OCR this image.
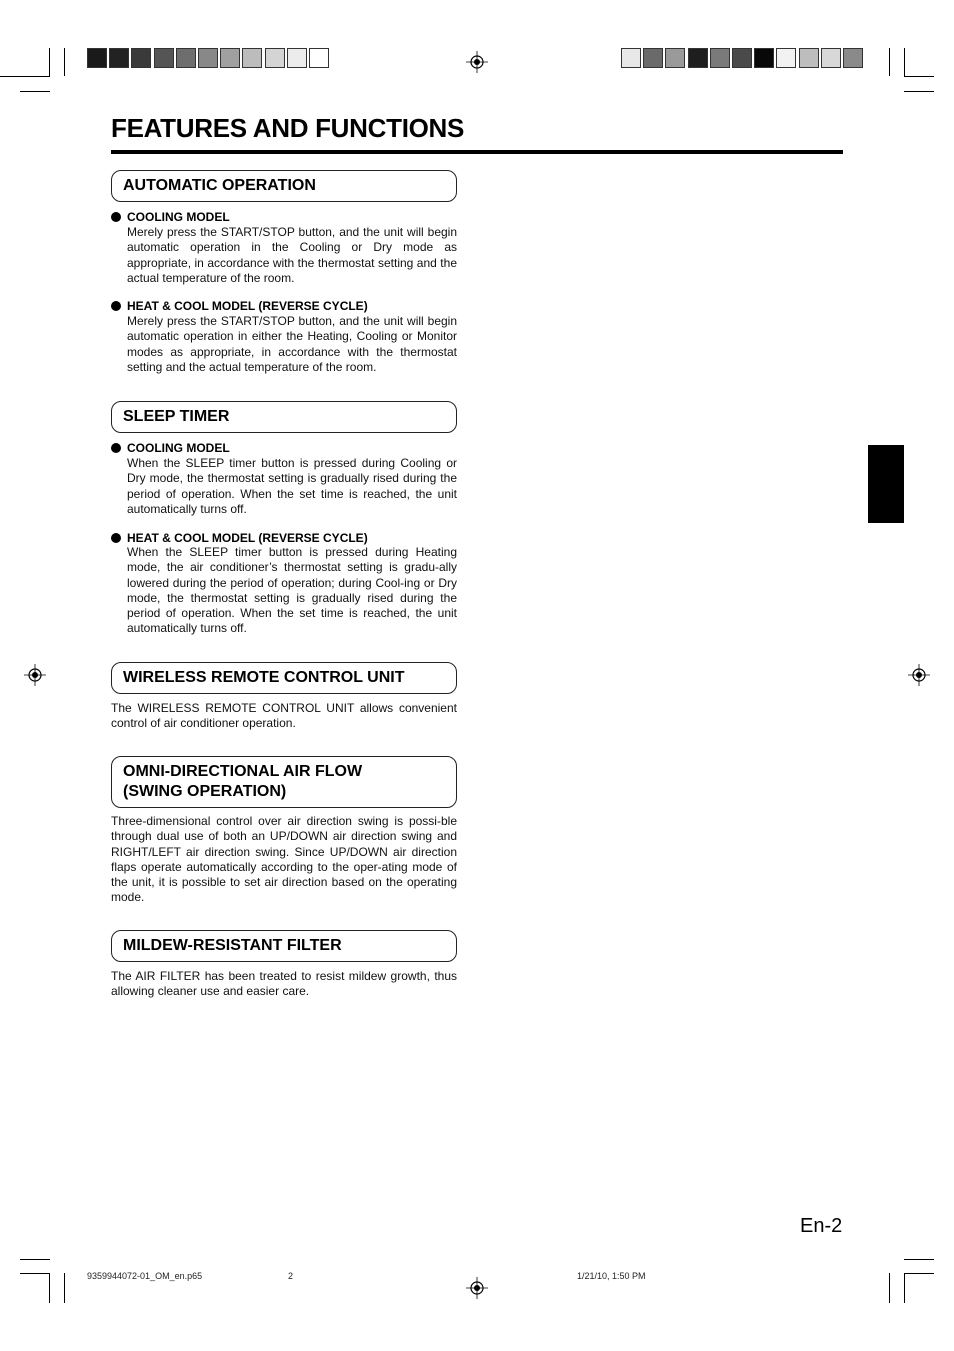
FEATURES AND FUNCTIONS
AUTOMATIC OPERATION
COOLING MODEL
Merely press the START/STOP button, and the unit will begin automatic operation in the Cooling or Dry mode as appropriate, in accordance with the thermostat setting and the actual temperature of the room.
HEAT & COOL MODEL (REVERSE CYCLE)
Merely press the START/STOP button, and the unit will begin automatic operation in either the Heating, Cooling or Monitor modes as appropriate, in accordance with the thermostat setting and the actual temperature of the room.
SLEEP TIMER
COOLING MODEL
When the SLEEP timer button is pressed during Cooling or Dry mode, the thermostat setting is gradually rised during the period of operation. When the set time is reached, the unit automatically turns off.
HEAT & COOL MODEL (REVERSE CYCLE)
When the SLEEP timer button is pressed during Heating mode, the air conditioner’s thermostat setting is gradu-ally lowered during the period of operation; during Cool-ing or Dry mode, the thermostat setting is gradually rised during the period of operation. When the set time is reached, the unit automatically turns off.
WIRELESS REMOTE CONTROL UNIT
The WIRELESS REMOTE CONTROL UNIT allows convenient control of air conditioner operation.
OMNI-DIRECTIONAL AIR FLOW
(SWING OPERATION)
Three-dimensional control over air direction swing is possi-ble through dual use of both an UP/DOWN air direction swing and RIGHT/LEFT air direction swing. Since UP/DOWN air direction flaps operate automatically according to the oper-ating mode of the unit, it is possible to set air direction based on the operating mode.
MILDEW-RESISTANT FILTER
The AIR FILTER has been treated to resist mildew growth, thus allowing cleaner use and easier care.
En-2
9359944072-01_OM_en.p65	2	1/21/10, 1:50 PM
